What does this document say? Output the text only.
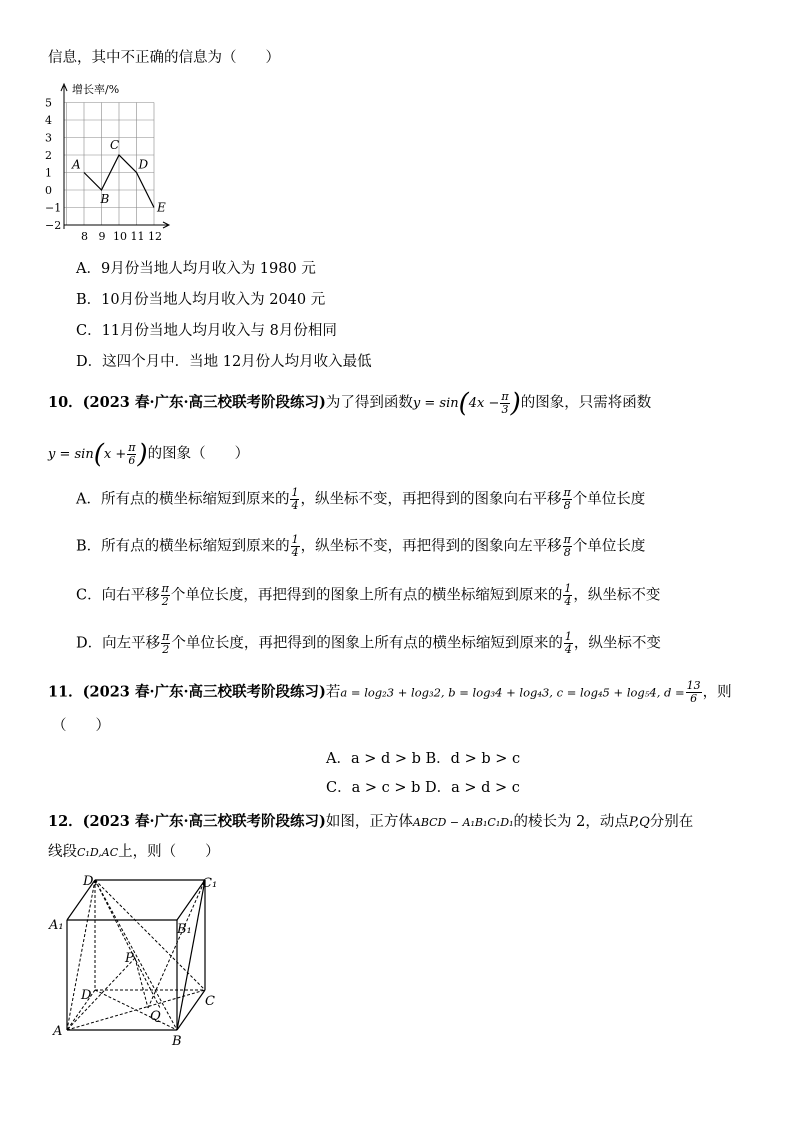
信息，其中不正确的信息为（　　）
增长率/%
−2
−1
0
1
2
3
4
5
8 9 10 11 12
A
B
C
D
E
A．9月份当地人均月收入为 1980 元
B．10月份当地人均月收入为 2040 元
C．11月份当地人均月收入与 8月份相同
D．这四个月中．当地 12月份人均月收入最低
10．(2023 春·广东·高三校联考阶段练习)为了得到函数$y = \sin(4x - \frac{\pi}{3}$ )的图象，只需将函数
$y = \sin(x + \frac{\pi}{6}$ )的图象（　　）
A．所有点的横坐标缩短到原来的 $\frac{1}{4}$ ，纵坐标不变，再把得到的图象向右平移 $\frac{\pi}{8}$ 个单位长度
B．所有点的横坐标缩短到原来的 $\frac{1}{4}$ ，纵坐标不变，再把得到的图象向左平移 $\frac{\pi}{8}$ 个单位长度
C．向右平移 $\frac{\pi}{2}$ 个单位长度，再把得到的图象上所有点的横坐标缩短到原来的 $\frac{1}{4}$ ，纵坐标不变
D．向左平移 $\frac{\pi}{2}$ 个单位长度，再把得到的图象上所有点的横坐标缩短到原来的 $\frac{1}{4}$ ，纵坐标不变
11．(2023 春·广东·高三校联考阶段练习)若a = log₂3 + log₃2, b = log₃4 + log₄3, c = log₄5 + log₅4, $d = \frac{13}{6}$ ，则
（　　）
A．a > d > b B．d > b > c
C．a > c > b D．a > d > c
12．(2023 春·广东·高三校联考阶段练习)如图，正方体ABCD − A₁B₁C₁D₁的棱长为 2，动点P,Q分别在
线段C₁D,AC上，则（　　）
D₁	C₁
A₁	B₁
P
D	C
Q
A
B
